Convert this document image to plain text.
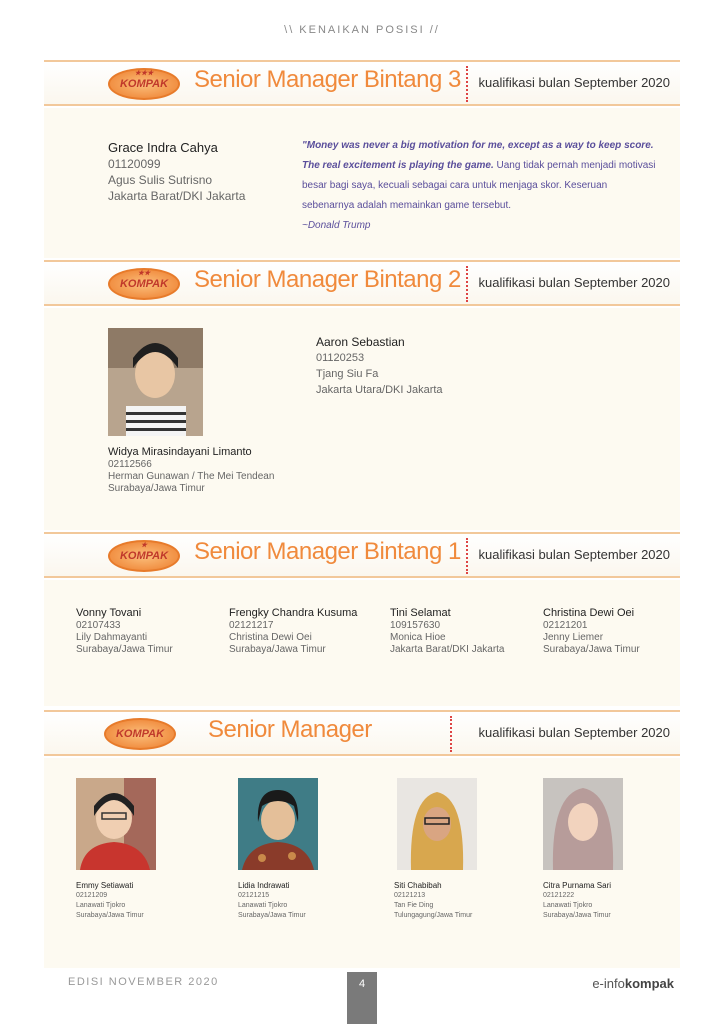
\\ KENAIKAN POSISI //
★★★
KOMPAK Senior Manager Bintang 3 kualifikasi bulan September 2020
Grace Indra Cahya
01120099
Agus Sulis Sutrisno
Jakarta Barat/DKI Jakarta
"Money was never a big motivation for me, except as a way to keep score. The real excitement is playing the game. Uang tidak pernah menjadi motivasi besar bagi saya, kecuali sebagai cara untuk menjaga skor. Keseruan sebenarnya adalah memainkan game tersebut.
~Donald Trump
★★
KOMPAK Senior Manager Bintang 2 kualifikasi bulan September 2020
Widya Mirasindayani Limanto
02112566
Herman Gunawan / The Mei Tendean
Surabaya/Jawa Timur
Aaron Sebastian
01120253
Tjang Siu Fa
Jakarta Utara/DKI Jakarta
★
KOMPAK Senior Manager Bintang 1 kualifikasi bulan September 2020
Vonny Tovani
02107433
Lily Dahmayanti
Surabaya/Jawa Timur
Frengky Chandra Kusuma
02121217
Christina Dewi Oei
Surabaya/Jawa Timur
Tini Selamat
109157630
Monica Hioe
Jakarta Barat/DKI Jakarta
Christina Dewi Oei
02121201
Jenny Liemer
Surabaya/Jawa Timur
KOMPAK Senior Manager	kualifikasi bulan September 2020
Emmy Setiawati
02121209
Lanawati Tjokro
Surabaya/Jawa Timur
Lidia Indrawati
02121215
Lanawati Tjokro
Surabaya/Jawa Timur
Siti Chabibah
02121213
Tan Fie Ding
Tulungagung/Jawa Timur
Citra Purnama Sari
02121222
Lanawati Tjokro
Surabaya/Jawa Timur
EDISI NOVEMBER 2020	4	e-infokompak
